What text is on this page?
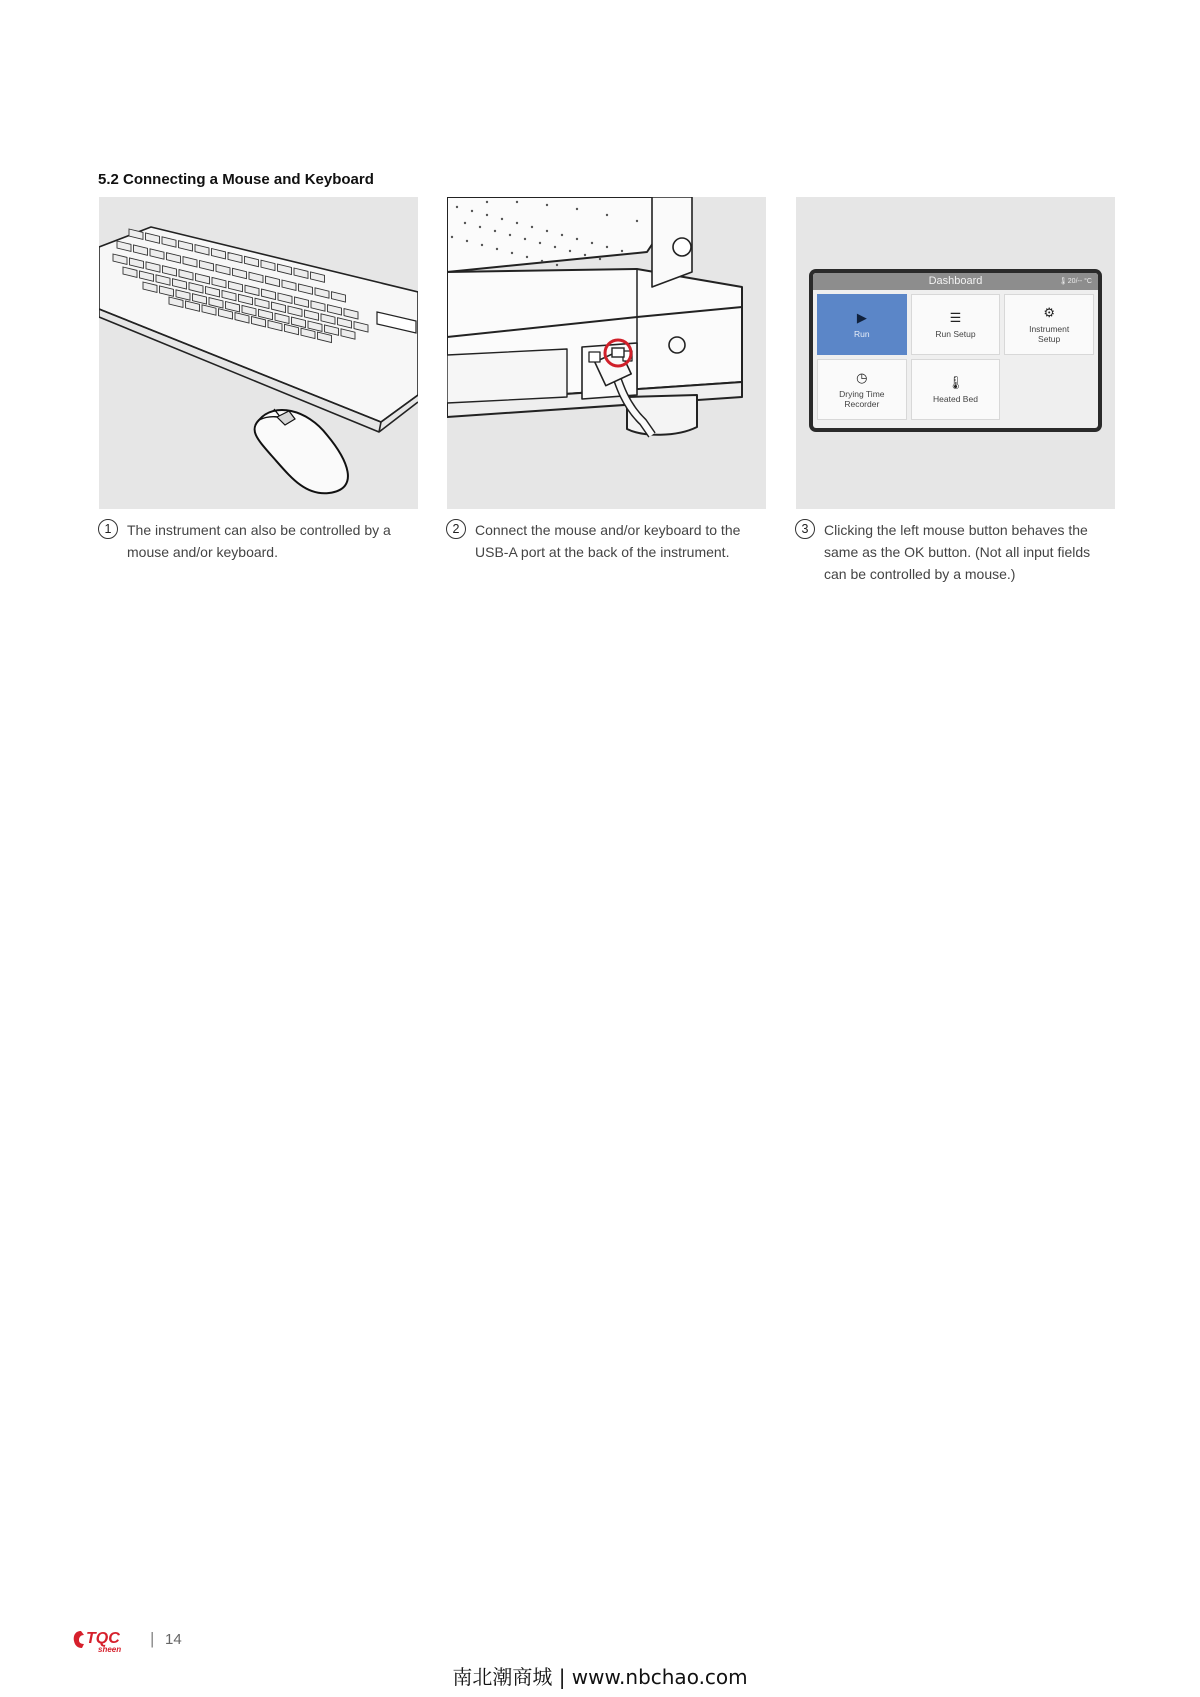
5.2 Connecting a Mouse and Keyboard
Dashboard	🌡20/-- °C
▶
Run
☰
Run Setup
⚙
Instrument
Setup
◷
Drying Time
Recorder
🌡
Heated Bed
1	The instrument can also be controlled by a mouse and/or keyboard.
2	Connect the mouse and/or keyboard to the USB-A port at the back of the instrument.
3	Clicking the left mouse button behaves the same as the OK button. (Not all input fields can be controlled by a mouse.)
TQC
sheen
| 14
南北潮商城 | www.nbchao.com
